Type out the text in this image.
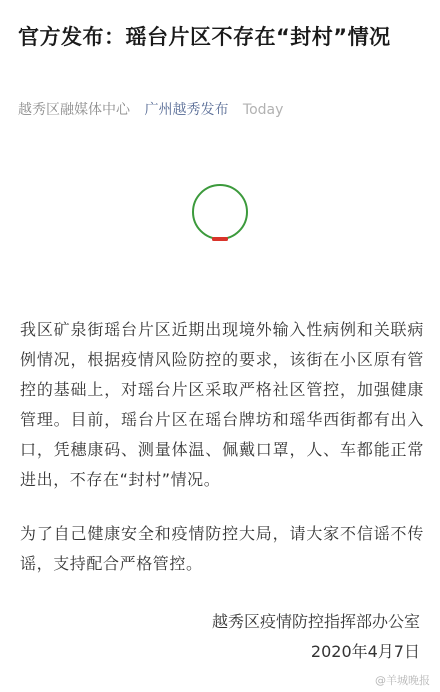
官方发布：瑶台片区不存在“封村”情况
越秀区融媒体中心 广州越秀发布 Today
我区矿泉街瑶台片区近期出现境外输入性病例和关联病例情况，根据疫情风险防控的要求，该街在小区原有管控的基础上，对瑶台片区采取严格社区管控，加强健康管理。目前，瑶台片区在瑶台牌坊和瑶华西街都有出入口，凭穗康码、测量体温、佩戴口罩，人、车都能正常进出，不存在“封村”情况。
为了自己健康安全和疫情防控大局，请大家不信谣不传谣，支持配合严格管控。
越秀区疫情防控指挥部办公室
2020年4月7日
@羊城晚报
